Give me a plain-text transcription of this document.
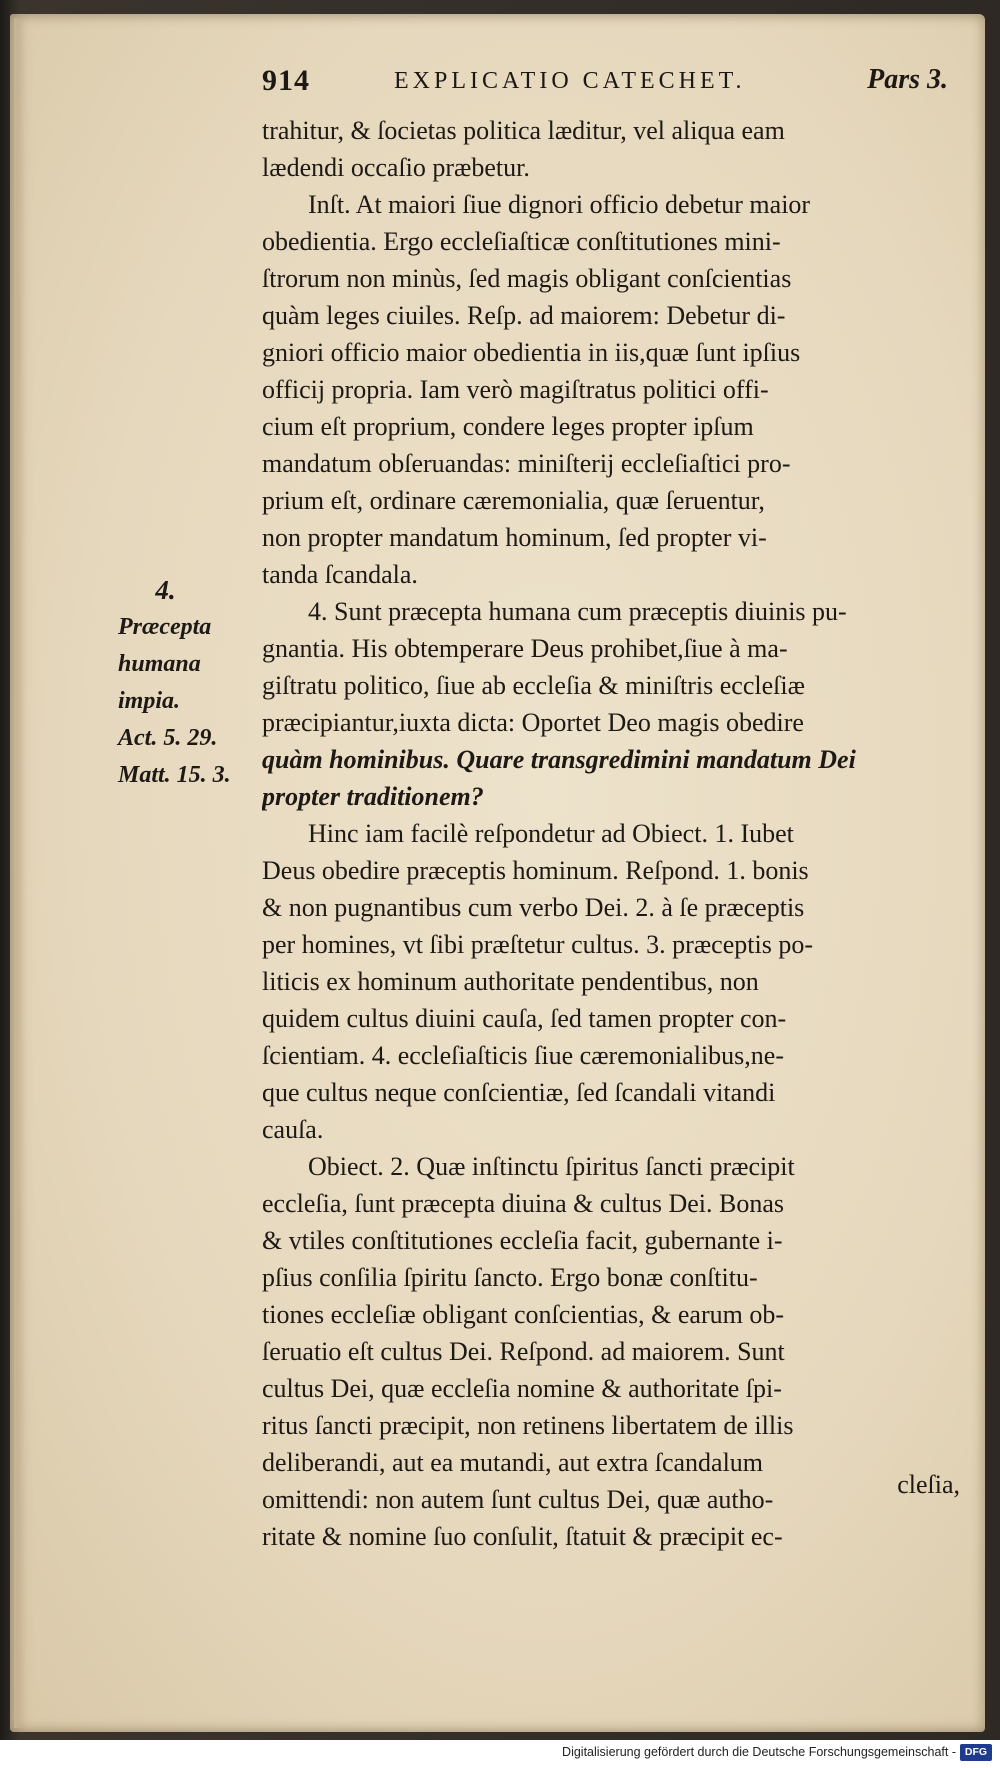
914	EXPLICATIO CATECHET.	Pars 3.
4.
Præcepta
humana
impia.
Act. 5. 29.
Matt. 15. 3.
trahitur, & ſocietas politica læditur, vel aliqua eam
lædendi occaſio præbetur.
Inſt. At maiori ſiue dignori officio debetur maior
obedientia. Ergo eccleſiaſticæ conſtitutiones mini-
ſtrorum non minùs, ſed magis obligant conſcientias
quàm leges ciuiles. Reſp. ad maiorem: Debetur di-
gniori officio maior obedientia in iis,quæ ſunt ipſius
officij propria. Iam verò magiſtratus politici offi-
cium eſt proprium, condere leges propter ipſum
mandatum obſeruandas: miniſterij eccleſiaſtici pro-
prium eſt, ordinare cæremonialia, quæ ſeruentur,
non propter mandatum hominum, ſed propter vi-
tanda ſcandala.
4. Sunt præcepta humana cum præceptis diuinis pu-
gnantia. His obtemperare Deus prohibet,ſiue à ma-
giſtratu politico, ſiue ab eccleſia & miniſtris eccleſiæ
præcipiantur,iuxta dicta: Oportet Deo magis obedire
quàm hominibus. Quare transgredimini mandatum Dei
propter traditionem?
Hinc iam facilè reſpondetur ad Obiect. 1. Iubet
Deus obedire præceptis hominum. Reſpond. 1. bonis
& non pugnantibus cum verbo Dei. 2. à ſe præceptis
per homines, vt ſibi præſtetur cultus. 3. præceptis po-
liticis ex hominum authoritate pendentibus, non
quidem cultus diuini cauſa, ſed tamen propter con-
ſcientiam. 4. eccleſiaſticis ſiue cæremonialibus,ne-
que cultus neque conſcientiæ, ſed ſcandali vitandi
cauſa.
Obiect. 2. Quæ inſtinctu ſpiritus ſancti præcipit
eccleſia, ſunt præcepta diuina & cultus Dei. Bonas
& vtiles conſtitutiones eccleſia facit, gubernante i-
pſius conſilia ſpiritu ſancto. Ergo bonæ conſtitu-
tiones eccleſiæ obligant conſcientias, & earum ob-
ſeruatio eſt cultus Dei. Reſpond. ad maiorem. Sunt
cultus Dei, quæ eccleſia nomine & authoritate ſpi-
ritus ſancti præcipit, non retinens libertatem de illis
deliberandi, aut ea mutandi, aut extra ſcandalum
omittendi: non autem ſunt cultus Dei, quæ autho-
ritate & nomine ſuo conſulit, ſtatuit & præcipit ec-
cleſia,
Digitalisierung gefördert durch die Deutsche Forschungsgemeinschaft - DFG
